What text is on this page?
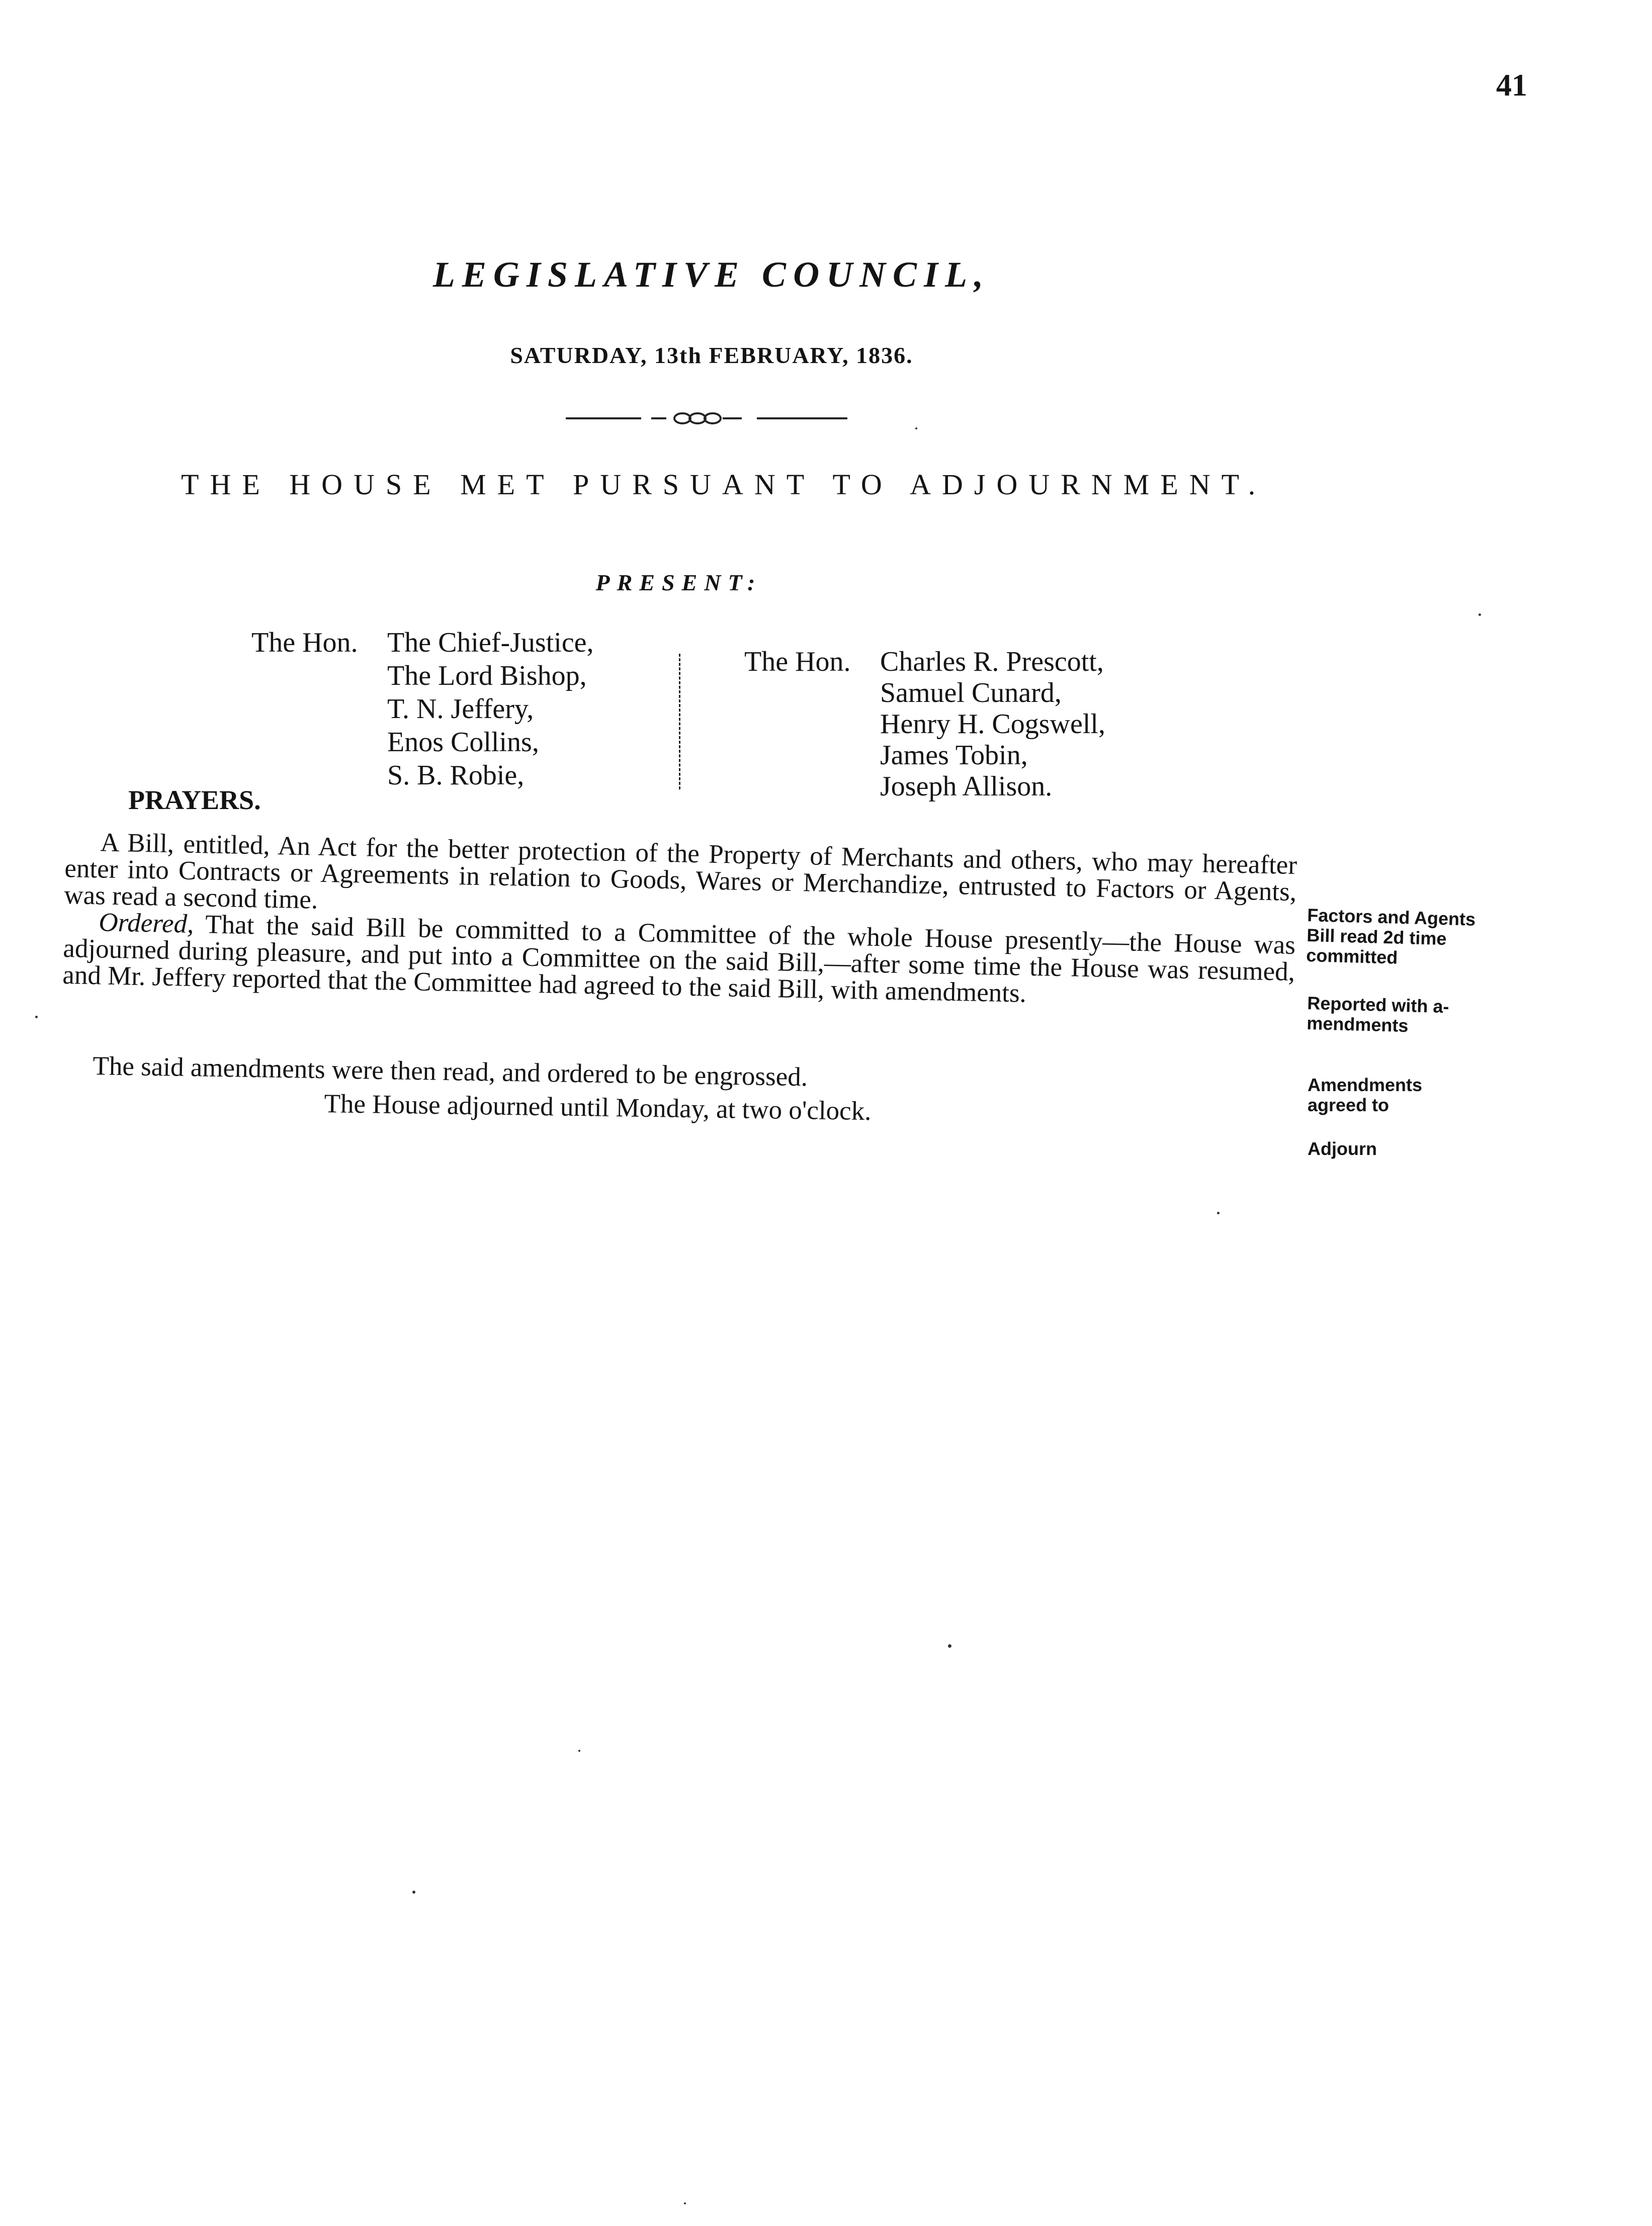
41
LEGISLATIVE COUNCIL,
SATURDAY, 13th FEBRUARY, 1836.
THE HOUSE MET PURSUANT TO ADJOURNMENT.
PRESENT:
The Hon. The Chief-Justice,
The Lord Bishop,
T. N. Jeffery,
Enos Collins,
S. B. Robie,
The Hon. Charles R. Prescott,
Samuel Cunard,
Henry H. Cogswell,
James Tobin,
Joseph Allison.
PRAYERS.

A Bill, entitled, An Act for the better protection of the Property of Merchants and others, who may hereafter enter into Contracts or Agreements in relation to Goods, Wares or Merchandize, entrusted to Factors or Agents, was read a second time.

Ordered, That the said Bill be committed to a Committee of the whole House presently—the House was adjourned during pleasure, and put into a Committee on the said Bill,—after some time the House was resumed, and Mr. Jeffery reported that the Committee had agreed to the said Bill, with amendments.

The said amendments were then read, and ordered to be engrossed.
The House adjourned until Monday, at two o'clock.
Factors and Agents
Bill read 2d time
committed
Reported with a-
mendments
Amendments
agreed to
Adjourn
